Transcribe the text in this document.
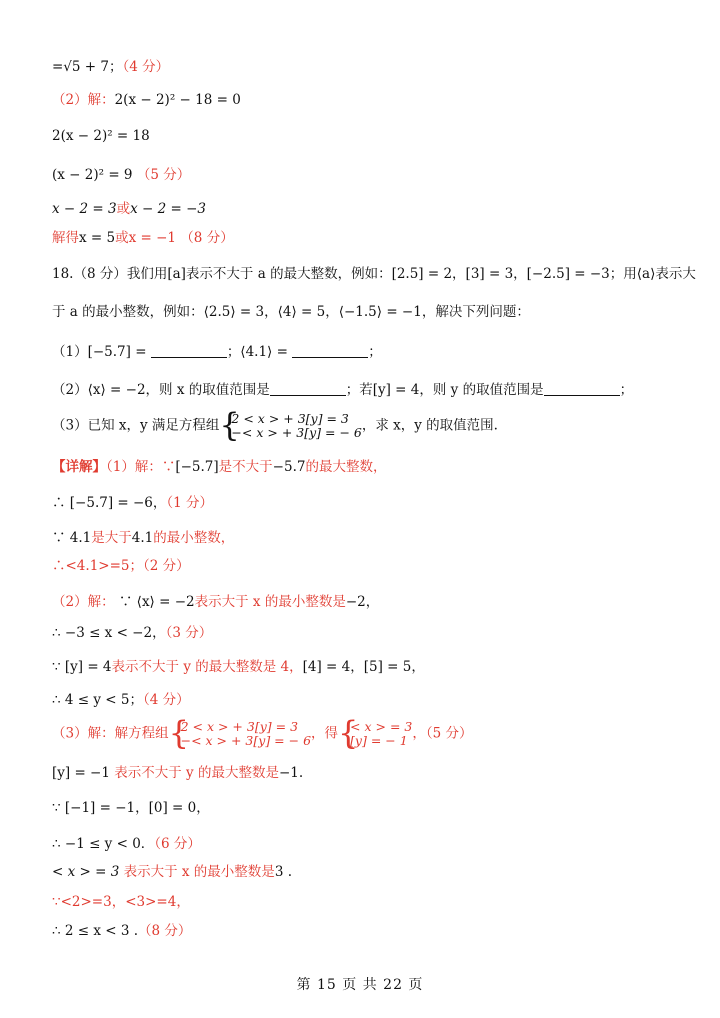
=√5 + 7；（4 分）
（2）解：2(x − 2)² − 18 = 0
2(x − 2)² = 18
(x − 2)² = 9 （5 分）
x − 2 = 3或x − 2 = −3
解得x = 5或x = −1 （8 分）
18.（8 分）我们用[a]表示不大于 a 的最大整数，例如：[2.5] = 2，[3] = 3，[−2.5] = −3；用⟨a⟩表示大
于 a 的最小整数，例如：⟨2.5⟩ = 3，⟨4⟩ = 5，⟨−1.5⟩ = −1，解决下列问题：
（1）[−5.7] =	；⟨4.1⟩ =	；
（2）⟨x⟩ = −2，则 x 的取值范围是	；若[y] = 4，则 y 的取值范围是	；
（3）已知 x，y 满足方程组 { 2 < x > + 3[y] = 3
−< x > + 3[y] = − 6 ，求 x，y 的取值范围.
【详解】（1）解：∵[−5.7]是不大于−5.7的最大整数，
∴ [−5.7] = −6，（1 分）
∵ 4.1是大于4.1的最小整数，
∴<4.1>=5；（2 分）
（2）解： ∵ ⟨x⟩ = −2表示大于 x 的最小整数是−2，
∴ −3 ≤ x < −2，（3 分）
∵ [y] = 4表示不大于 y 的最大整数是 4，[4] = 4，[5] = 5，
∴ 4 ≤ y < 5；（4 分）
（3）解：解方程组 { 2 < x > + 3[y] = 3
−< x > + 3[y] = − 6 ，得 { < x > = 3
[y] = − 1 ，（5 分）
[y] = −1 表示不大于 y 的最大整数是−1.
∵ [−1] = −1，[0] = 0，
∴ −1 ≤ y < 0．（6 分）
< x > = 3 表示大于 x 的最小整数是3 .
∵<2>=3，<3>=4，
∴ 2 ≤ x < 3 .（8 分）
第 15 页 共 22 页
